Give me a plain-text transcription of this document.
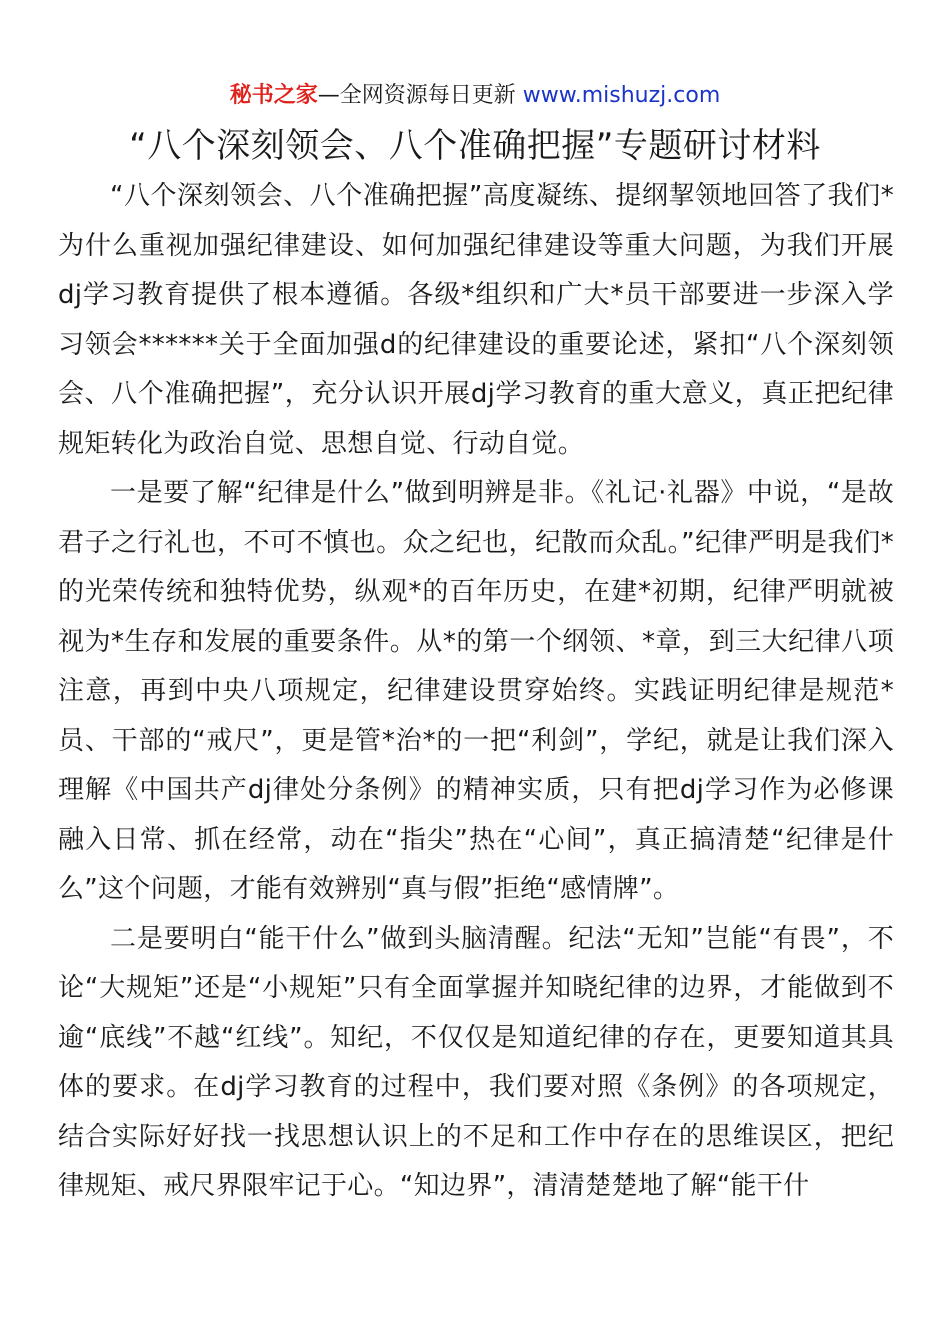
秘书之家—全网资源每日更新 www.mishuzj.com
“八个深刻领会、八个准确把握”专题研讨材料

“八个深刻领会、八个准确把握”高度凝练、提纲挈领地回答了我们*为什么重视加强纪律建设、如何加强纪律建设等重大问题，为我们开展dj学习教育提供了根本遵循。各级*组织和广大*员干部要进一步深入学习领会******关于全面加强d的纪律建设的重要论述，紧扣“八个深刻领会、八个准确把握”，充分认识开展dj学习教育的重大意义，真正把纪律规矩转化为政治自觉、思想自觉、行动自觉。

一是要了解“纪律是什么”做到明辨是非。《礼记·礼器》中说，“是故君子之行礼也，不可不慎也。众之纪也，纪散而众乱。”纪律严明是我们*的光荣传统和独特优势，纵观*的百年历史，在建*初期，纪律严明就被视为*生存和发展的重要条件。从*的第一个纲领、*章，到三大纪律八项注意，再到中央八项规定，纪律建设贯穿始终。实践证明纪律是规范*员、干部的“戒尺”，更是管*治*的一把“利剑”，学纪，就是让我们深入理解《中国共产dj律处分条例》的精神实质，只有把dj学习作为必修课融入日常、抓在经常，动在“指尖”热在“心间”，真正搞清楚“纪律是什么”这个问题，才能有效辨别“真与假”拒绝“感情牌”。

二是要明白“能干什么”做到头脑清醒。纪法“无知”岂能“有畏”，不论“大规矩”还是“小规矩”只有全面掌握并知晓纪律的边界，才能做到不逾“底线”不越“红线”。知纪，不仅仅是知道纪律的存在，更要知道其具体的要求。在dj学习教育的过程中，我们要对照《条例》的各项规定，结合实际好好找一找思想认识上的不足和工作中存在的思维误区，把纪律规矩、戒尺界限牢记于心。“知边界”，清清楚楚地了解“能干什
